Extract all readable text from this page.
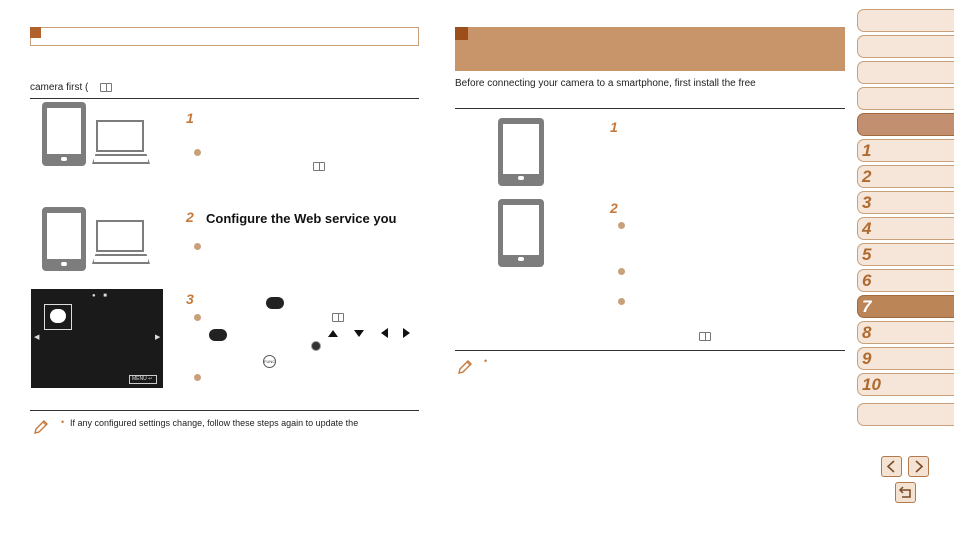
camera first (
1
2 Configure the Web service you
● ■
◀	▶
MENU ↩
3
FUNC
• If any configured settings change, follow these steps again to update the
Before connecting your camera to a smartphone, first install the free
1
2
•
1
2
3
4
5
6
7
8
9
10
